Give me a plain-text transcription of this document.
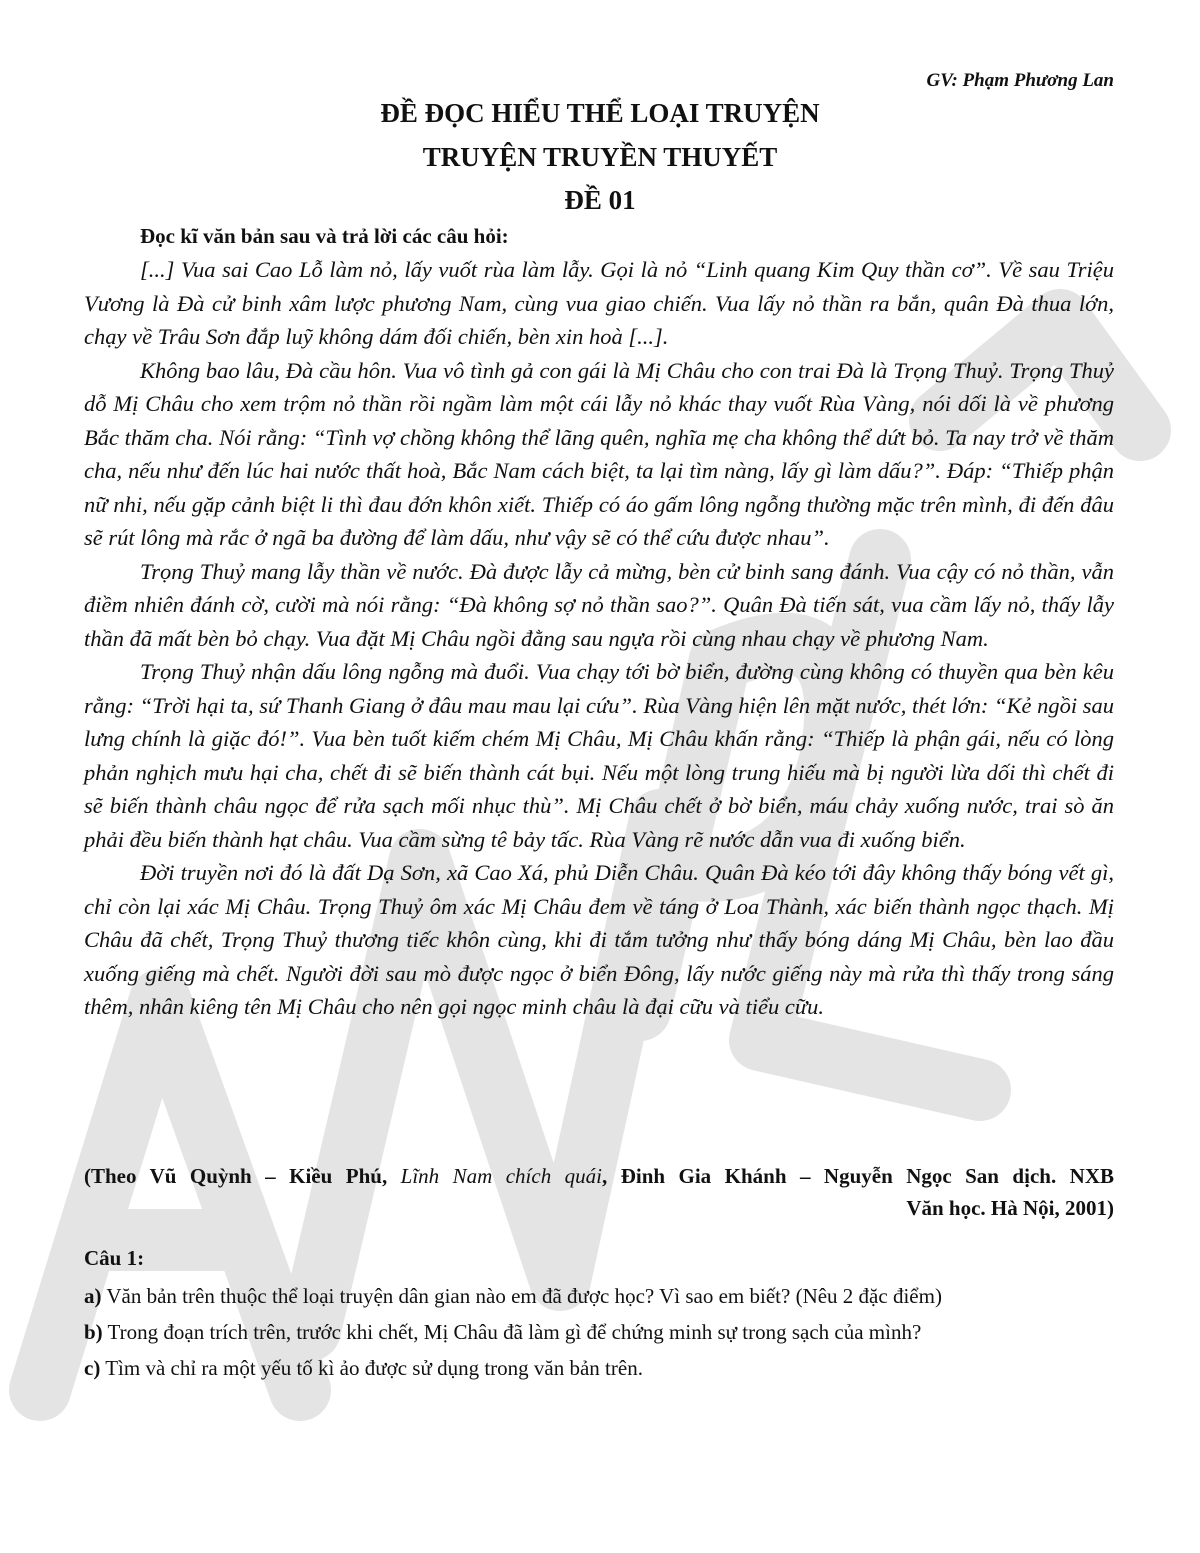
GV: Phạm Phương Lan
ĐỀ ĐỌC HIỂU THỂ LOẠI TRUYỆN
TRUYỆN TRUYỀN THUYẾT
ĐỀ 01
Đọc kĩ văn bản sau và trả lời các câu hỏi:

[...] Vua sai Cao Lỗ làm nỏ, lấy vuốt rùa làm lẫy. Gọi là nỏ “Linh quang Kim Quy thần cơ”. Về sau Triệu Vương là Đà cử binh xâm lược phương Nam, cùng vua giao chiến. Vua lấy nỏ thần ra bắn, quân Đà thua lớn, chạy về Trâu Sơn đắp luỹ không dám đối chiến, bèn xin hoà [...].

Không bao lâu, Đà cầu hôn. Vua vô tình gả con gái là Mị Châu cho con trai Đà là Trọng Thuỷ. Trọng Thuỷ dỗ Mị Châu cho xem trộm nỏ thần rồi ngầm làm một cái lẫy nỏ khác thay vuốt Rùa Vàng, nói dối là về phương Bắc thăm cha. Nói rằng: “Tình vợ chồng không thể lãng quên, nghĩa mẹ cha không thể dứt bỏ. Ta nay trở về thăm cha, nếu như đến lúc hai nước thất hoà, Bắc Nam cách biệt, ta lại tìm nàng, lấy gì làm dấu?”. Đáp: “Thiếp phận nữ nhi, nếu gặp cảnh biệt li thì đau đớn khôn xiết. Thiếp có áo gấm lông ngỗng thường mặc trên mình, đi đến đâu sẽ rút lông mà rắc ở ngã ba đường để làm dấu, như vậy sẽ có thể cứu được nhau”.

Trọng Thuỷ mang lẫy thần về nước. Đà được lẫy cả mừng, bèn cử binh sang đánh. Vua cậy có nỏ thần, vẫn điềm nhiên đánh cờ, cười mà nói rằng: “Đà không sợ nỏ thần sao?”. Quân Đà tiến sát, vua cầm lấy nỏ, thấy lẫy thần đã mất bèn bỏ chạy. Vua đặt Mị Châu ngồi đằng sau ngựa rồi cùng nhau chạy về phương Nam.

Trọng Thuỷ nhận dấu lông ngỗng mà đuổi. Vua chạy tới bờ biển, đường cùng không có thuyền qua bèn kêu rằng: “Trời hại ta, sứ Thanh Giang ở đâu mau mau lại cứu”. Rùa Vàng hiện lên mặt nước, thét lớn: “Kẻ ngồi sau lưng chính là giặc đó!”. Vua bèn tuốt kiếm chém Mị Châu, Mị Châu khấn rằng: “Thiếp là phận gái, nếu có lòng phản nghịch mưu hại cha, chết đi sẽ biến thành cát bụi. Nếu một lòng trung hiếu mà bị người lừa dối thì chết đi sẽ biến thành châu ngọc để rửa sạch mối nhục thù”. Mị Châu chết ở bờ biển, máu chảy xuống nước, trai sò ăn phải đều biến thành hạt châu. Vua cầm sừng tê bảy tấc. Rùa Vàng rẽ nước dẫn vua đi xuống biển.

Đời truyền nơi đó là đất Dạ Sơn, xã Cao Xá, phủ Diễn Châu. Quân Đà kéo tới đây không thấy bóng vết gì, chỉ còn lại xác Mị Châu. Trọng Thuỷ ôm xác Mị Châu đem về táng ở Loa Thành, xác biến thành ngọc thạch. Mị Châu đã chết, Trọng Thuỷ thương tiếc khôn cùng, khi đi tắm tưởng như thấy bóng dáng Mị Châu, bèn lao đầu xuống giếng mà chết. Người đời sau mò được ngọc ở biển Đông, lấy nước giếng này mà rửa thì thấy trong sáng thêm, nhân kiêng tên Mị Châu cho nên gọi ngọc minh châu là đại cữu và tiểu cữu.

(Theo Vũ Quỳnh – Kiều Phú, Lĩnh Nam chích quái, Đinh Gia Khánh – Nguyễn Ngọc San dịch. NXB
Văn học. Hà Nội, 2001)
Câu 1:
a) Văn bản trên thuộc thể loại truyện dân gian nào em đã được học? Vì sao em biết? (Nêu 2 đặc điểm)
b) Trong đoạn trích trên, trước khi chết, Mị Châu đã làm gì để chứng minh sự trong sạch của mình?
c) Tìm và chỉ ra một yếu tố kì ảo được sử dụng trong văn bản trên.
